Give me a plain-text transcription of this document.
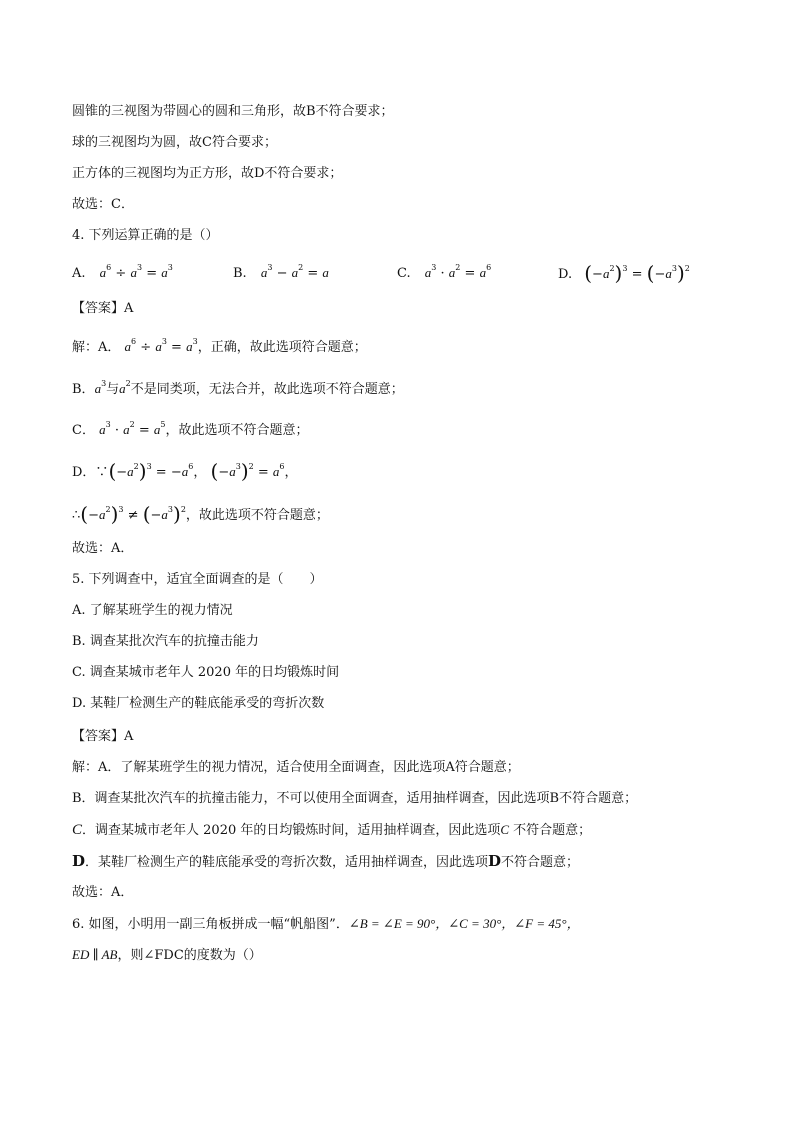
圆锥的三视图为带圆心的圆和三角形，故B不符合要求；
球的三视图均为圆，故C符合要求；
正方体的三视图均为正方形，故D不符合要求；
故选：C．
4. 下列运算正确的是（）
A. $a^6 \div a^3 = a^3$	B. $a^3 - a^2 = a$	C. $a^3 \cdot a^2 = a^6$	D. $(-a^2)^3 = (-a^3)^2$
【答案】A
解：A． $a^6 \div a^3 = a^3$，正确，故此选项符合题意；
B．$a^3$与$a^2$不是同类项，无法合并，故此选项不符合题意；
C． $a^3 \cdot a^2 = a^5$，故此选项不符合题意；
D．$\because(-a^2)^3 = -a^6$， $(-a^3)^2 = a^6$，
$\therefore(-a^2)^3 \ne (-a^3)^2$，故此选项不符合题意；
故选：A．
5. 下列调查中，适宜全面调查的是（　　）
A. 了解某班学生的视力情况
B. 调查某批次汽车的抗撞击能力
C. 调查某城市老年人 2020 年的日均锻炼时间
D. 某鞋厂检测生产的鞋底能承受的弯折次数
【答案】A
解：A．了解某班学生的视力情况，适合使用全面调查，因此选项A符合题意；
B．调查某批次汽车的抗撞击能力，不可以使用全面调查，适用抽样调查，因此选项B不符合题意；
C．调查某城市老年人 2020 年的日均锻炼时间，适用抽样调查，因此选项C 不符合题意；
D．某鞋厂检测生产的鞋底能承受的弯折次数，适用抽样调查，因此选项D不符合题意；
故选：A．
6. 如图，小明用一副三角板拼成一幅“帆船图”．∠B = ∠E = 90°，∠C = 30°，∠F = 45°，
ED ∥ AB，则∠FDC的度数为（）
